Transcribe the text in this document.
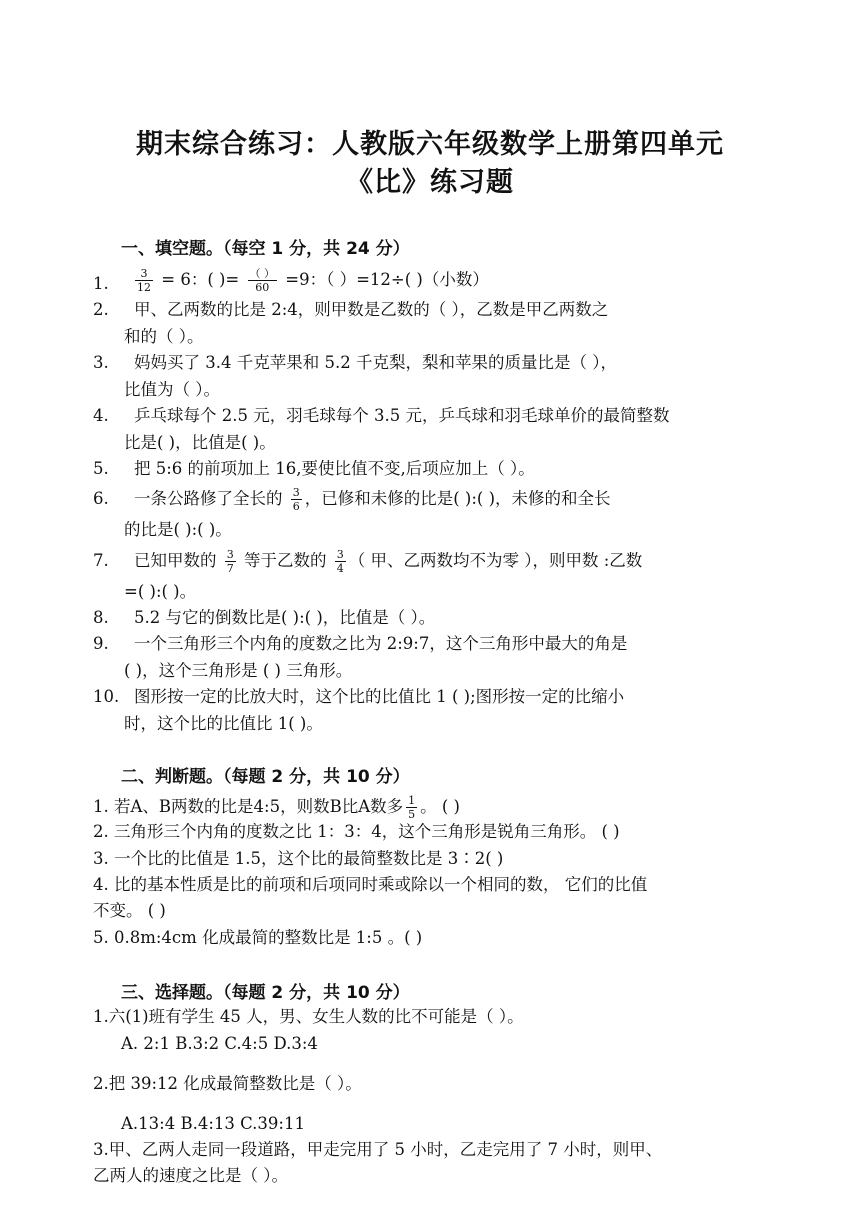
期末综合练习：人教版六年级数学上册第四单元
《比》练习题
一、填空题。（每空 1 分，共 24 分）
1. $\frac{3}{12} = 6$：( )= $\frac{( )}{60} =9$：（ ）=12÷( )（小数）
2. 甲、乙两数的比是 2:4，则甲数是乙数的（ ），乙数是甲乙两数之
和的（ ）。
3. 妈妈买了 3.4 千克苹果和 5.2 千克梨，梨和苹果的质量比是（ ），
比值为（ ）。
4. 乒乓球每个 2.5 元，羽毛球每个 3.5 元，乒乓球和羽毛球单价的最简整数
比是( )，比值是( )。
5. 把 5:6 的前项加上 16,要使比值不变,后项应加上（ ）。
6. 一条公路修了全长的 $\frac{3}{6}$ ，已修和未修的比是( ):( )，未修的和全长
的比是( ):( )。
7. 已知甲数的 $\frac{3}{7}$ 等于乙数的 $\frac{3}{4}$ （ 甲、乙两数均不为零 ），则甲数 :乙数
=( ):( )。
8. 5.2 与它的倒数比是( ):( )，比值是（ ）。
9. 一个三角形三个内角的度数之比为 2:9:7，这个三角形中最大的角是
( )，这个三角形是 ( ) 三角形。
10. 图形按一定的比放大时，这个比的比值比 1 ( );图形按一定的比缩小
时，这个比的比值比 1( )。
二、判断题。（每题 2 分，共 10 分）
1. 若A、B两数的比是4:5，则数B比A数多 $\frac{1}{5}$ 。 ( )
2. 三角形三个内角的度数之比 1：3：4，这个三角形是锐角三角形。 ( )
3. 一个比的比值是 1.5，这个比的最简整数比是 3∶2( )
4. 比的基本性质是比的前项和后项同时乘或除以一个相同的数， 它们的比值
不变。 ( )
5. 0.8m:4cm 化成最简的整数比是 1:5 。( )
三、选择题。（每题 2 分，共 10 分）
1.六(1)班有学生 45 人，男、女生人数的比不可能是（ ）。
A. 2:1 B.3:2 C.4:5 D.3:4
2.把 39:12 化成最简整数比是（ ）。
A.13:4 B.4:13 C.39:11
3.甲、乙两人走同一段道路，甲走完用了 5 小时，乙走完用了 7 小时，则甲、
乙两人的速度之比是（ ）。
